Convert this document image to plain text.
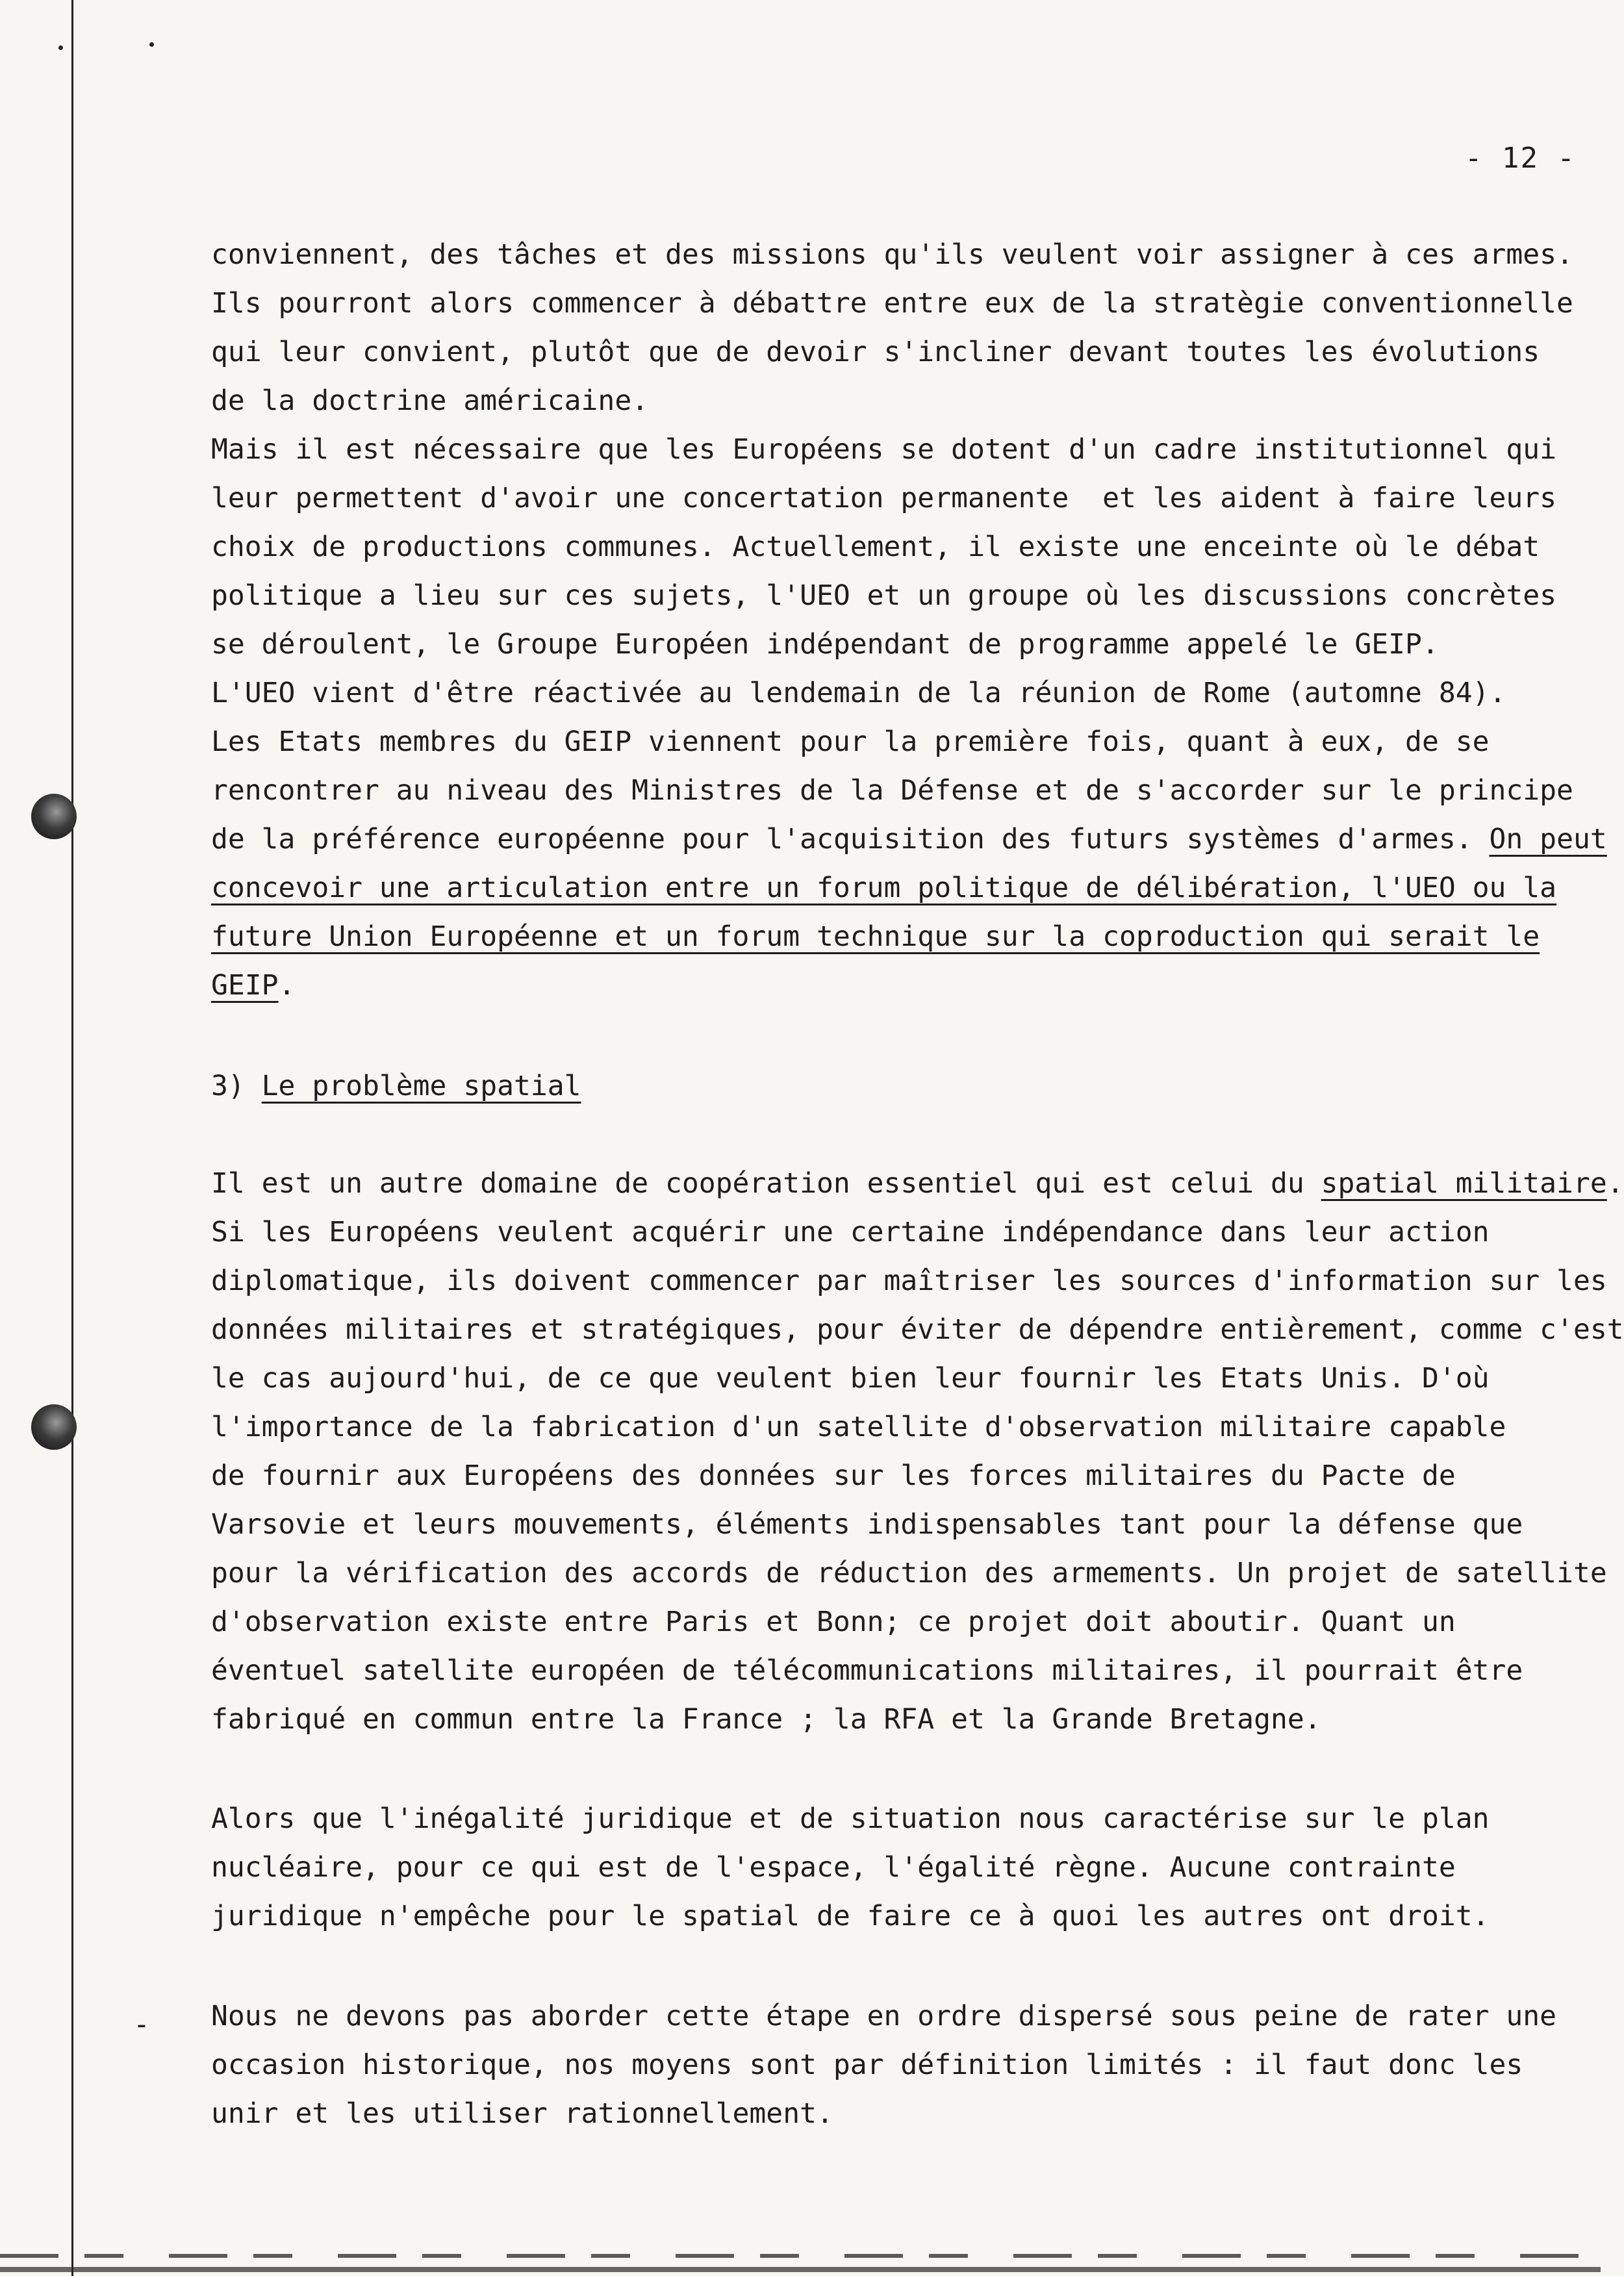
- 12 -
conviennent, des tâches et des missions qu'ils veulent voir assigner à ces armes.
Ils pourront alors commencer à débattre entre eux de la stratègie conventionnelle
qui leur convient, plutôt que de devoir s'incliner devant toutes les évolutions
de la doctrine américaine.
Mais il est nécessaire que les Européens se dotent d'un cadre institutionnel qui
leur permettent d'avoir une concertation permanente  et les aident à faire leurs
choix de productions communes. Actuellement, il existe une enceinte où le débat
politique a lieu sur ces sujets, l'UEO et un groupe où les discussions concrètes
se déroulent, le Groupe Européen indépendant de programme appelé le GEIP.
L'UEO vient d'être réactivée au lendemain de la réunion de Rome (automne 84).
Les Etats membres du GEIP viennent pour la première fois, quant à eux, de se
rencontrer au niveau des Ministres de la Défense et de s'accorder sur le principe
de la préférence européenne pour l'acquisition des futurs systèmes d'armes. On peut
concevoir une articulation entre un forum politique de délibération, l'UEO ou la
future Union Européenne et un forum technique sur la coproduction qui serait le
GEIP.
3) Le problème spatial
Il est un autre domaine de coopération essentiel qui est celui du spatial militaire.
Si les Européens veulent acquérir une certaine indépendance dans leur action
diplomatique, ils doivent commencer par maîtriser les sources d'information sur les
données militaires et stratégiques, pour éviter de dépendre entièrement, comme c'est
le cas aujourd'hui, de ce que veulent bien leur fournir les Etats Unis. D'où
l'importance de la fabrication d'un satellite d'observation militaire capable
de fournir aux Européens des données sur les forces militaires du Pacte de
Varsovie et leurs mouvements, éléments indispensables tant pour la défense que
pour la vérification des accords de réduction des armements. Un projet de satellite
d'observation existe entre Paris et Bonn; ce projet doit aboutir. Quant un
éventuel satellite européen de télécommunications militaires, il pourrait être
fabriqué en commun entre la France ; la RFA et la Grande Bretagne.
Alors que l'inégalité juridique et de situation nous caractérise sur le plan
nucléaire, pour ce qui est de l'espace, l'égalité règne. Aucune contrainte
juridique n'empêche pour le spatial de faire ce à quoi les autres ont droit.
- Nous ne devons pas aborder cette étape en ordre dispersé sous peine de rater une
occasion historique, nos moyens sont par définition limités : il faut donc les
unir et les utiliser rationnellement.
